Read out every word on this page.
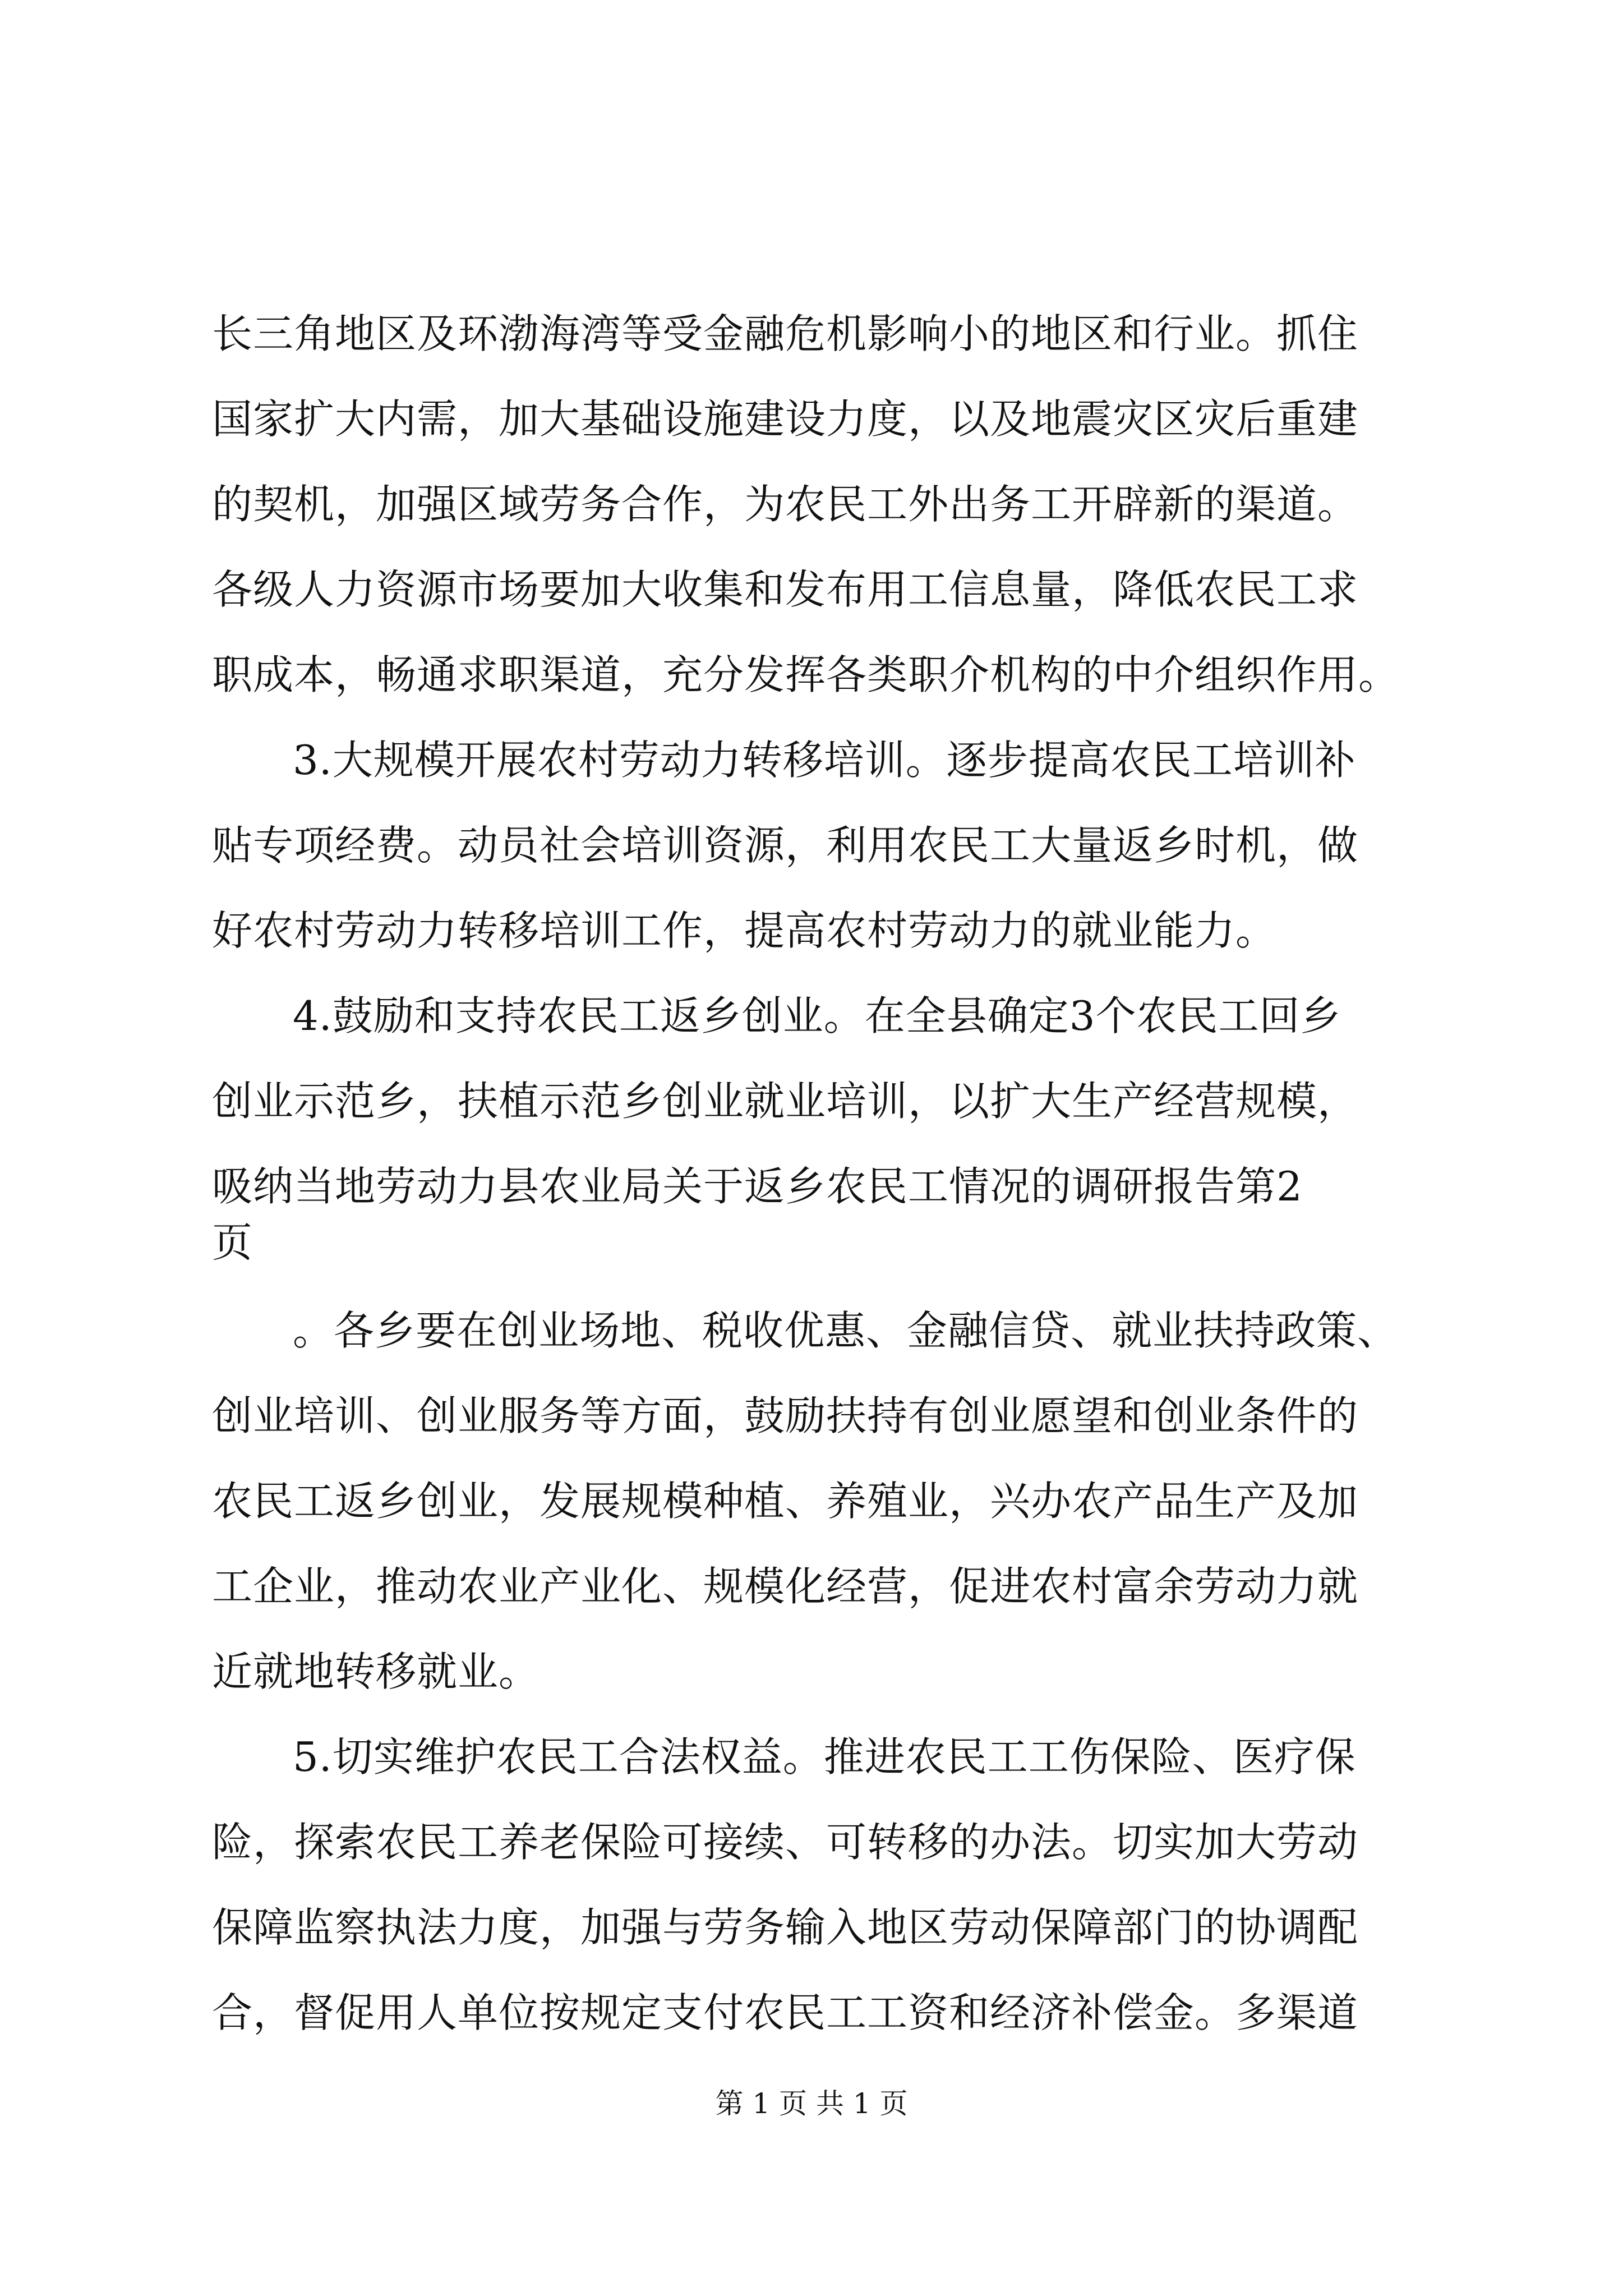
长三角地区及环渤海湾等受金融危机影响小的地区和行业。抓住
国家扩大内需，加大基础设施建设力度，以及地震灾区灾后重建
的契机，加强区域劳务合作，为农民工外出务工开辟新的渠道。
各级人力资源市场要加大收集和发布用工信息量，降低农民工求
职成本，畅通求职渠道，充分发挥各类职介机构的中介组织作用。
3.大规模开展农村劳动力转移培训。逐步提高农民工培训补
贴专项经费。动员社会培训资源，利用农民工大量返乡时机，做
好农村劳动力转移培训工作，提高农村劳动力的就业能力。
4.鼓励和支持农民工返乡创业。在全县确定3个农民工回乡
创业示范乡，扶植示范乡创业就业培训，以扩大生产经营规模，
吸纳当地劳动力县农业局关于返乡农民工情况的调研报告第2
页
。各乡要在创业场地、税收优惠、金融信贷、就业扶持政策、
创业培训、创业服务等方面，鼓励扶持有创业愿望和创业条件的
农民工返乡创业，发展规模种植、养殖业，兴办农产品生产及加
工企业，推动农业产业化、规模化经营，促进农村富余劳动力就
近就地转移就业。
5.切实维护农民工合法权益。推进农民工工伤保险、医疗保
险，探索农民工养老保险可接续、可转移的办法。切实加大劳动
保障监察执法力度，加强与劳务输入地区劳动保障部门的协调配
合，督促用人单位按规定支付农民工工资和经济补偿金。多渠道
第 1 页 共 1 页
